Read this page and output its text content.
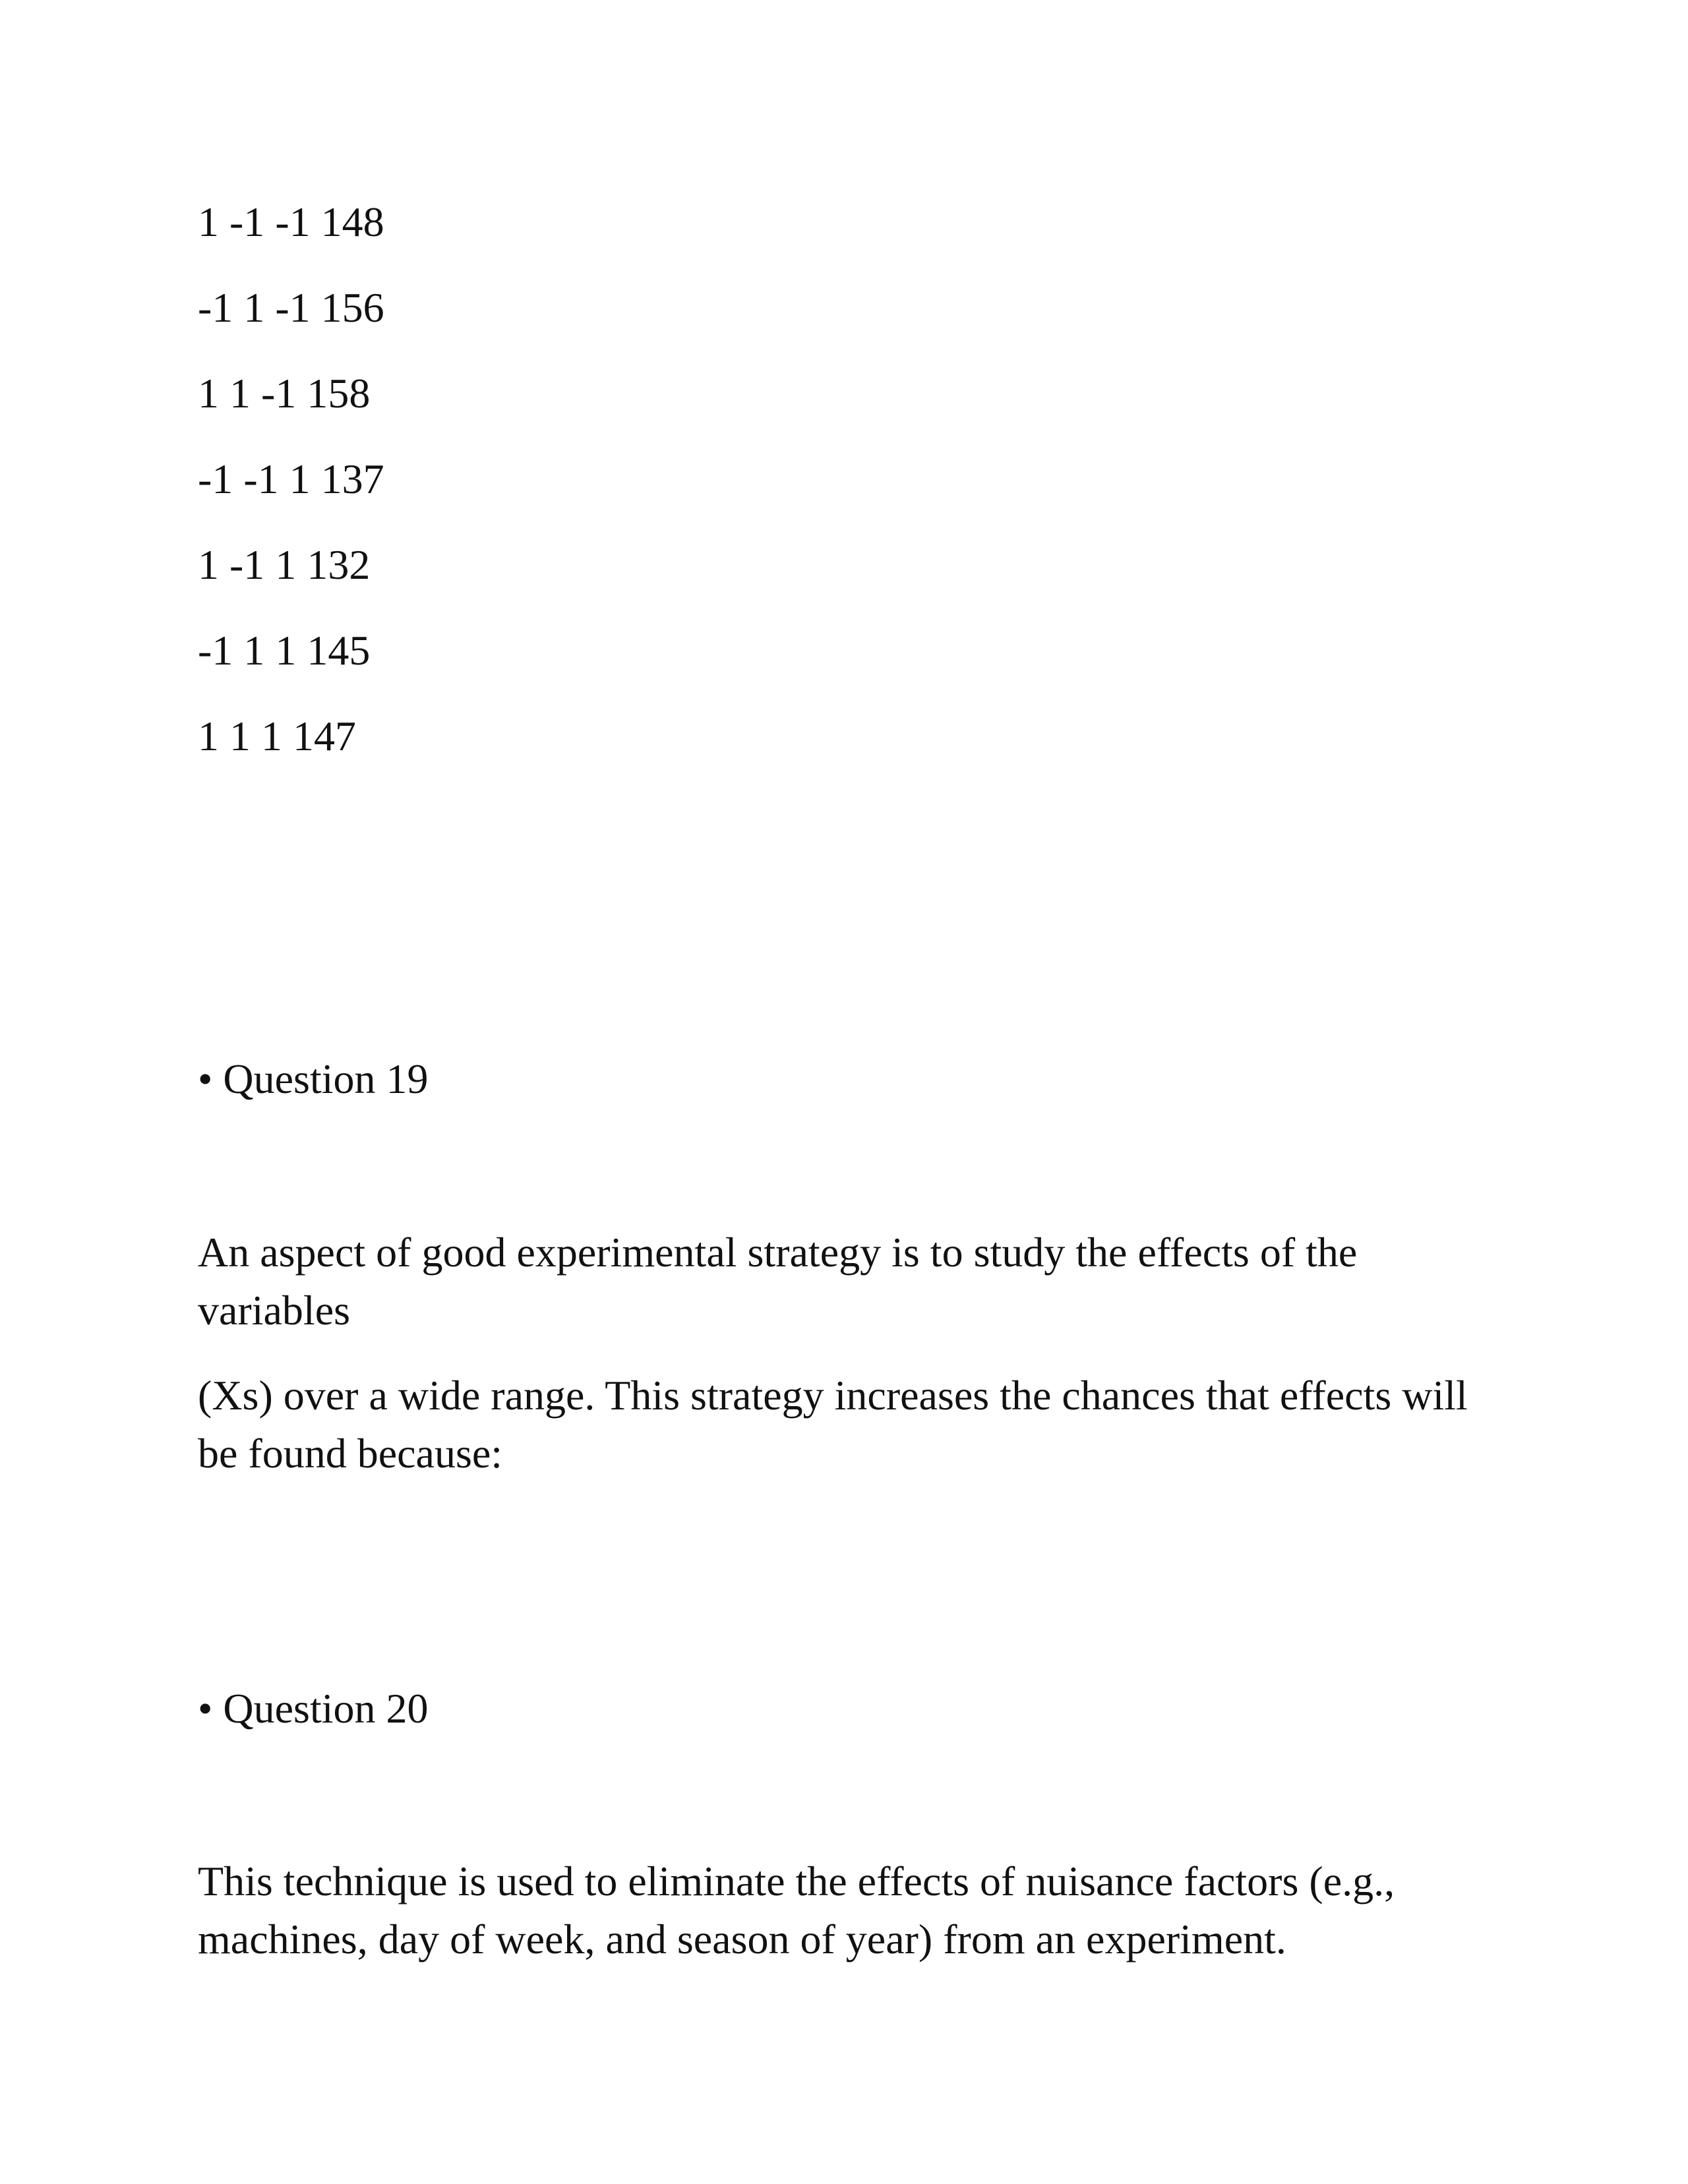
1 -1 -1 148

-1 1 -1 156

1 1 -1 158

-1 -1 1 137

1 -1 1 132

-1 1 1 145

1 1 1 147

• Question 19

An aspect of good experimental strategy is to study the effects of the variables

(Xs) over a wide range. This strategy increases the chances that effects will be found because:

• Question 20

This technique is used to eliminate the effects of nuisance factors (e.g., machines, day of week, and season of year) from an experiment.
